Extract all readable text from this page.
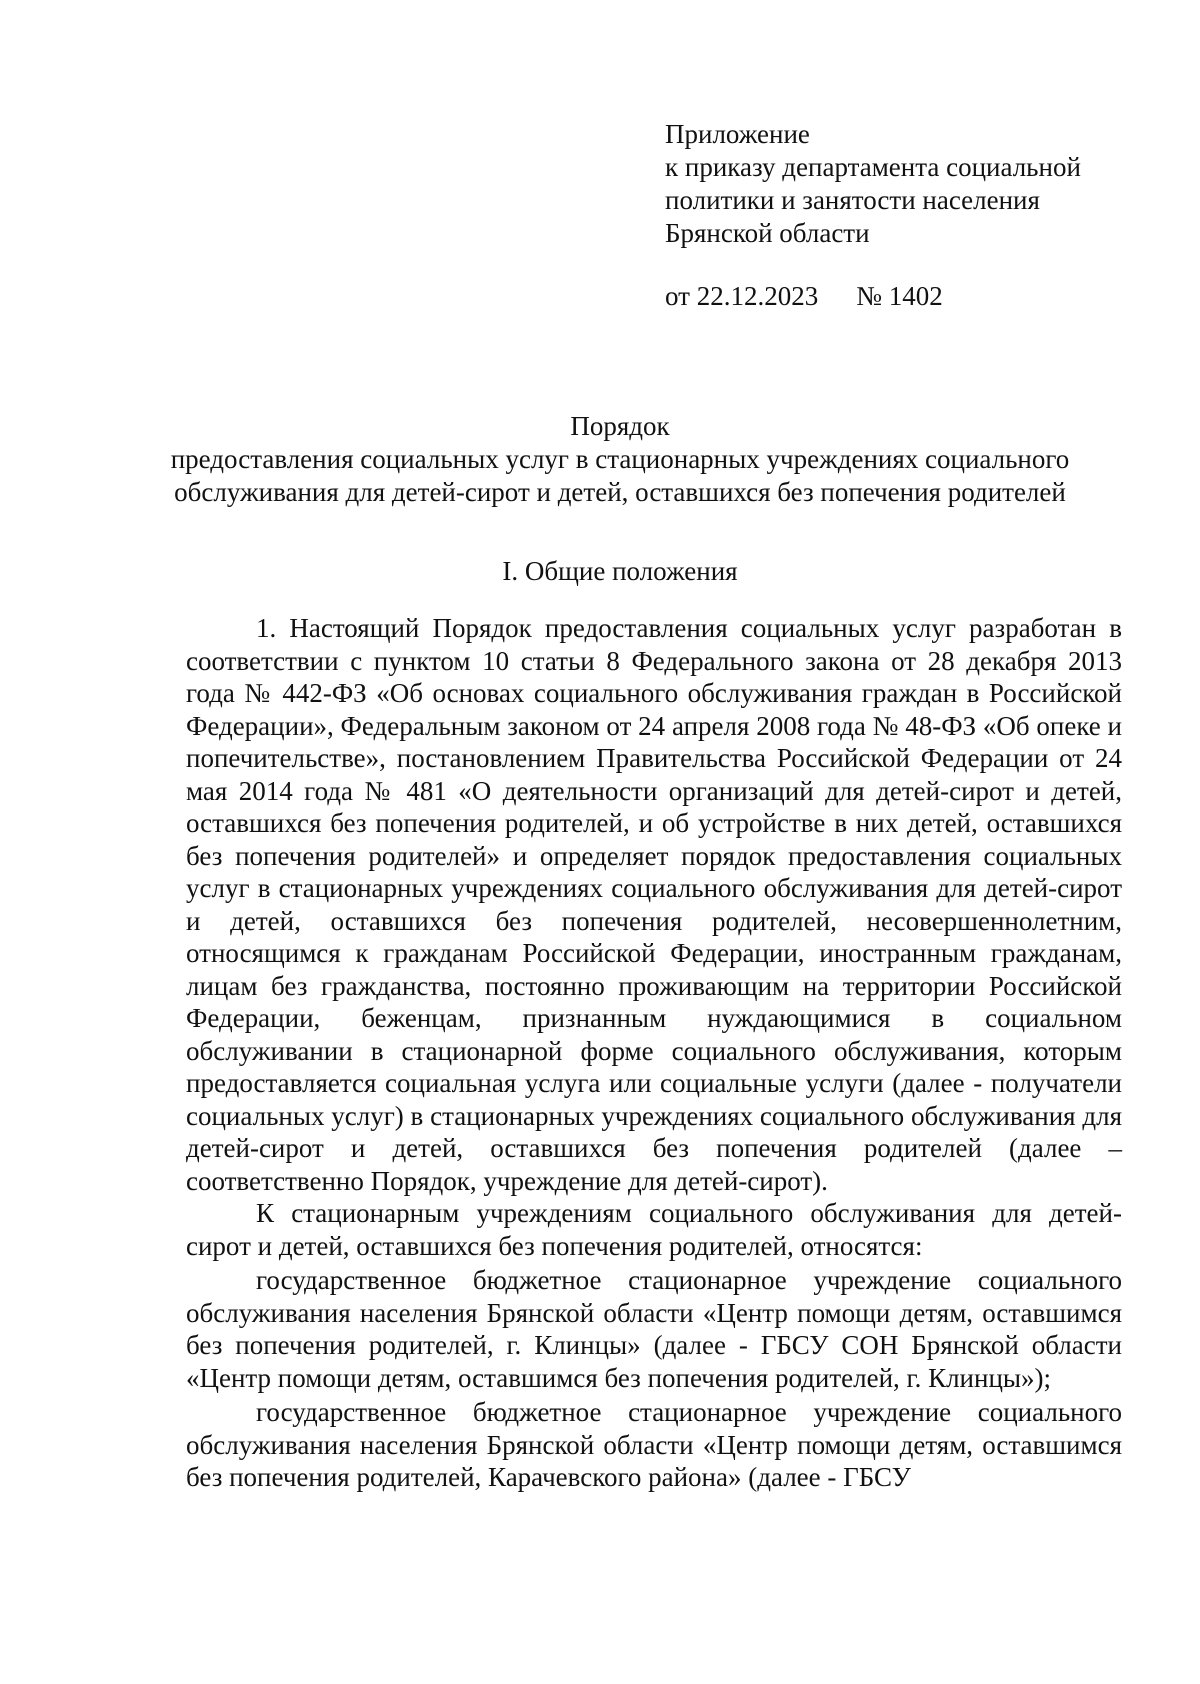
Приложение
к приказу департамента социальной
политики и занятости населения
Брянской области
от 22.12.2023 № 1402
Порядок
предоставления социальных услуг в стационарных учреждениях социального
обслуживания для детей-сирот и детей, оставшихся без попечения родителей
I. Общие положения

1. Настоящий Порядок предоставления социальных услуг разработан в соответствии с пунктом 10 статьи 8 Федерального закона от 28 декабря 2013 года № 442-ФЗ «Об основах социального обслуживания граждан в Российской Федерации», Федеральным законом от 24 апреля 2008 года № 48-ФЗ «Об опеке и попечительстве», постановлением Правительства Российской Федерации от 24 мая 2014 года № 481 «О деятельности организаций для детей-сирот и детей, оставшихся без попечения родителей, и об устройстве в них детей, оставшихся без попечения родителей» и определяет порядок предоставления социальных услуг в стационарных учреждениях социального обслуживания для детей-сирот и детей, оставшихся без попечения родителей, несовершеннолетним, относящимся к гражданам Российской Федерации, иностранным гражданам, лицам без гражданства, постоянно проживающим на территории Российской Федерации, беженцам, признанным нуждающимися в социальном обслуживании в стационарной форме социального обслуживания, которым предоставляется социальная услуга или социальные услуги (далее - получатели социальных услуг) в стационарных учреждениях социального обслуживания для детей-сирот и детей, оставшихся без попечения родителей (далее – соответственно Порядок, учреждение для детей-сирот).

К стационарным учреждениям социального обслуживания для детей-сирот и детей, оставшихся без попечения родителей, относятся:

государственное бюджетное стационарное учреждение социального обслуживания населения Брянской области «Центр помощи детям, оставшимся без попечения родителей, г. Клинцы» (далее - ГБСУ СОН Брянской области «Центр помощи детям, оставшимся без попечения родителей, г. Клинцы»);

государственное бюджетное стационарное учреждение социального обслуживания населения Брянской области «Центр помощи детям, оставшимся без попечения родителей, Карачевского района» (далее - ГБСУ
